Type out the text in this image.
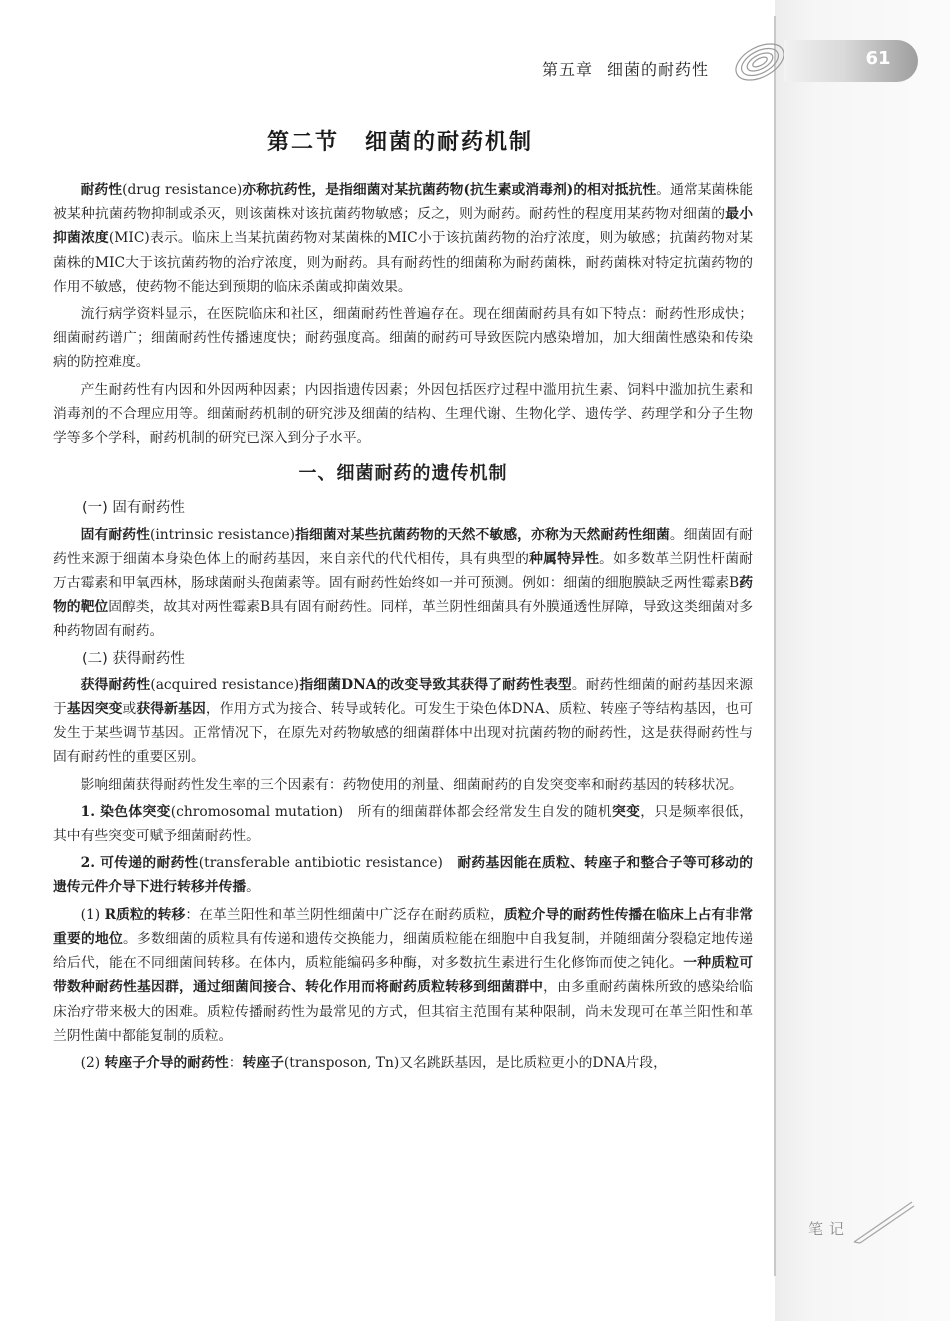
第五章 细菌的耐药性
61
第二节 细菌的耐药机制

耐药性(drug resistance)亦称抗药性，是指细菌对某抗菌药物(抗生素或消毒剂)的相对抵抗性。通常某菌株能被某种抗菌药物抑制或杀灭，则该菌株对该抗菌药物敏感；反之，则为耐药。耐药性的程度用某药物对细菌的最小抑菌浓度(MIC)表示。临床上当某抗菌药物对某菌株的MIC小于该抗菌药物的治疗浓度，则为敏感；抗菌药物对某菌株的MIC大于该抗菌药物的治疗浓度，则为耐药。具有耐药性的细菌称为耐药菌株，耐药菌株对特定抗菌药物的作用不敏感，使药物不能达到预期的临床杀菌或抑菌效果。

流行病学资料显示，在医院临床和社区，细菌耐药性普遍存在。现在细菌耐药具有如下特点：耐药性形成快；细菌耐药谱广；细菌耐药性传播速度快；耐药强度高。细菌的耐药可导致医院内感染增加，加大细菌性感染和传染病的防控难度。

产生耐药性有内因和外因两种因素；内因指遗传因素；外因包括医疗过程中滥用抗生素、饲料中滥加抗生素和消毒剂的不合理应用等。细菌耐药机制的研究涉及细菌的结构、生理代谢、生物化学、遗传学、药理学和分子生物学等多个学科，耐药机制的研究已深入到分子水平。

一、细菌耐药的遗传机制
(一) 固有耐药性

固有耐药性(intrinsic resistance)指细菌对某些抗菌药物的天然不敏感，亦称为天然耐药性细菌。细菌固有耐药性来源于细菌本身染色体上的耐药基因，来自亲代的代代相传，具有典型的种属特异性。如多数革兰阴性杆菌耐万古霉素和甲氧西林，肠球菌耐头孢菌素等。固有耐药性始终如一并可预测。例如：细菌的细胞膜缺乏两性霉素B药物的靶位固醇类，故其对两性霉素B具有固有耐药性。同样，革兰阴性细菌具有外膜通透性屏障，导致这类细菌对多种药物固有耐药。

(二) 获得耐药性

获得耐药性(acquired resistance)指细菌DNA的改变导致其获得了耐药性表型。耐药性细菌的耐药基因来源于基因突变或获得新基因，作用方式为接合、转导或转化。可发生于染色体DNA、质粒、转座子等结构基因，也可发生于某些调节基因。正常情况下，在原先对药物敏感的细菌群体中出现对抗菌药物的耐药性，这是获得耐药性与固有耐药性的重要区别。

影响细菌获得耐药性发生率的三个因素有：药物使用的剂量、细菌耐药的自发突变率和耐药基因的转移状况。

1. 染色体突变(chromosomal mutation)　所有的细菌群体都会经常发生自发的随机突变，只是频率很低，其中有些突变可赋予细菌耐药性。

2. 可传递的耐药性(transferable antibiotic resistance)　耐药基因能在质粒、转座子和整合子等可移动的遗传元件介导下进行转移并传播。

(1) R质粒的转移：在革兰阳性和革兰阴性细菌中广泛存在耐药质粒，质粒介导的耐药性传播在临床上占有非常重要的地位。多数细菌的质粒具有传递和遗传交换能力，细菌质粒能在细胞中自我复制，并随细菌分裂稳定地传递给后代，能在不同细菌间转移。在体内，质粒能编码多种酶，对多数抗生素进行生化修饰而使之钝化。一种质粒可带数种耐药性基因群，通过细菌间接合、转化作用而将耐药质粒转移到细菌群中，由多重耐药菌株所致的感染给临床治疗带来极大的困难。质粒传播耐药性为最常见的方式，但其宿主范围有某种限制，尚未发现可在革兰阳性和革兰阴性菌中都能复制的质粒。

(2) 转座子介导的耐药性：转座子(transposon, Tn)又名跳跃基因，是比质粒更小的DNA片段，

笔记
